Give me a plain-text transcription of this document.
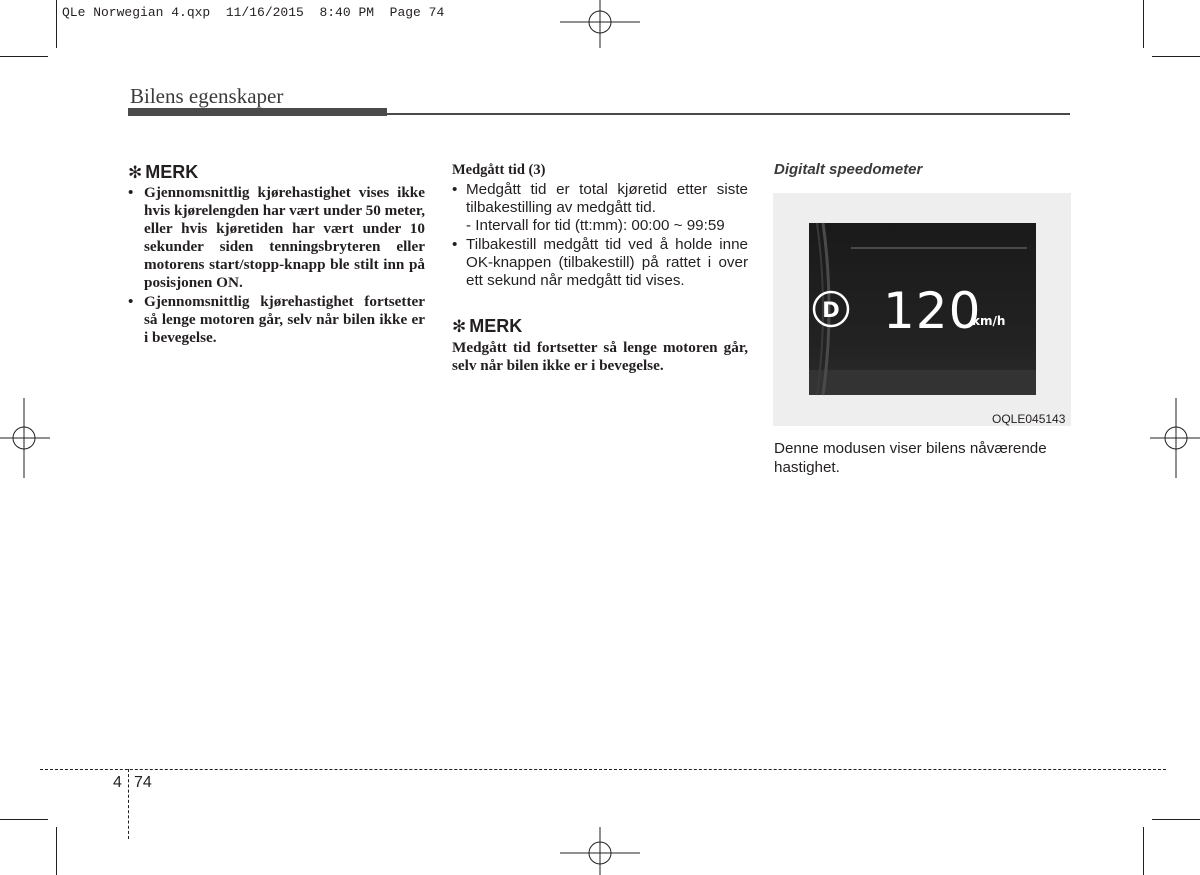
QLe Norwegian 4.qxp  11/16/2015  8:40 PM  Page 74
Bilens egenskaper
✻ MERK
• Gjennomsnittlig kjørehastighet vises ikke hvis kjørelengden har vært under 50 meter, eller hvis kjøretiden har vært under 10 sekunder siden tenningsbryteren eller motorens start/stopp-knapp ble stilt inn på posisjonen ON.
• Gjennomsnittlig kjørehastighet fortsetter så lenge motoren går, selv når bilen ikke er i bevegelse.
Medgått tid (3)
• Medgått tid er total kjøretid etter siste tilbakestilling av medgått tid.
- Intervall for tid (tt:mm): 00:00 ~ 99:59
• Tilbakestill medgått tid ved å holde inne OK-knappen (tilbakestill) på rattet i over ett sekund når medgått tid vises.
✻ MERK
Medgått tid fortsetter så lenge motoren går, selv når bilen ikke er i bevegelse.
Digitalt speedometer
D 120
km/h
OQLE045143
Denne modusen viser bilens nåværende hastighet.
4 74
